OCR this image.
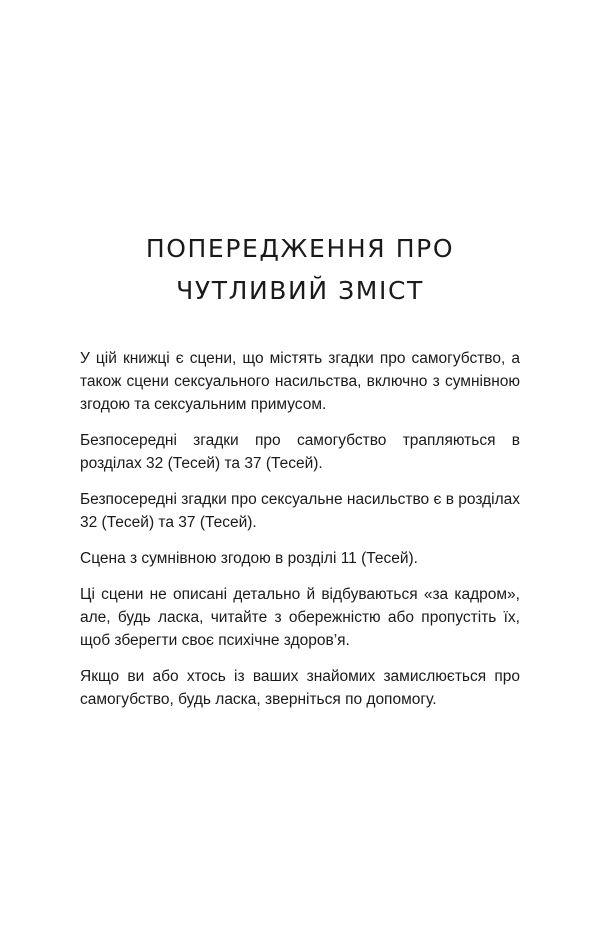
ПОПЕРЕДЖЕННЯ ПРО
ЧУТЛИВИЙ ЗМІСТ

У цій книжці є сцени, що містять згадки про самогубство, а також сцени сексуального насильства, включно з сумнівною згодою та сексуальним примусом.

Безпосередні згадки про самогубство трапляються в розділах 32 (Тесей) та 37 (Тесей).

Безпосередні згадки про сексуальне насильство є в розділах 32 (Тесей) та 37 (Тесей).

Сцена з сумнівною згодою в розділі 11 (Тесей).

Ці сцени не описані детально й відбуваються «за кадром», але, будь ласка, читайте з обережністю або пропустіть їх, щоб зберегти своє психічне здоров’я.

Якщо ви або хтось із ваших знайомих замислюється про самогубство, будь ласка, зверніться по допомогу.
